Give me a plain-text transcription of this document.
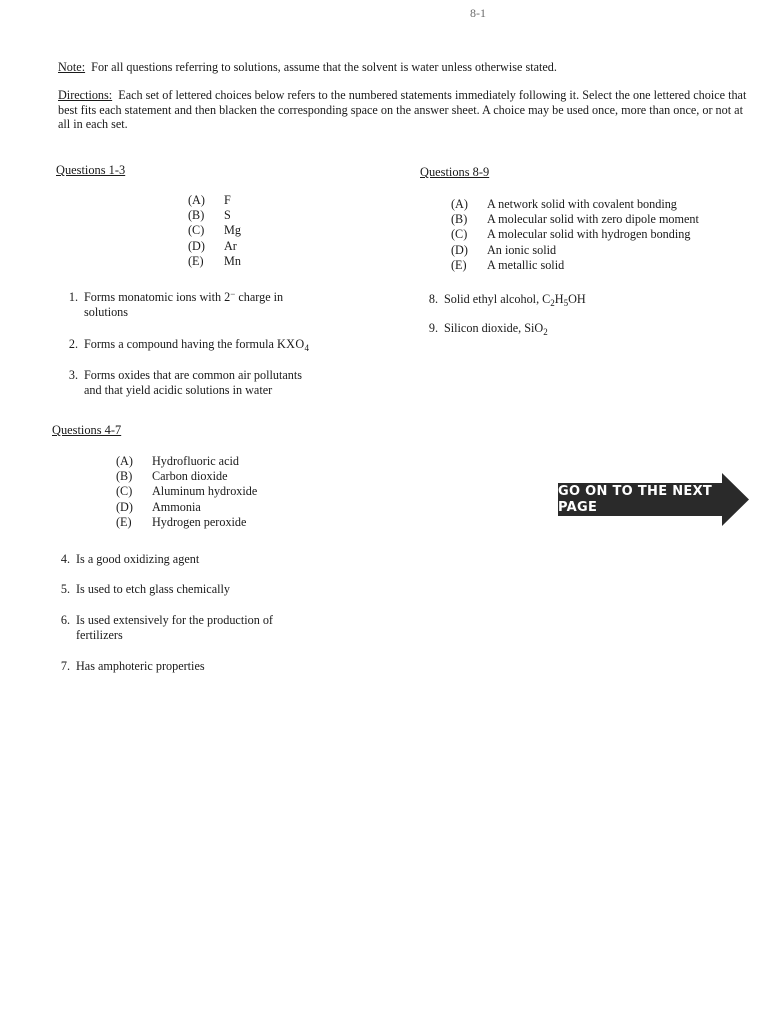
8-1
Note: For all questions referring to solutions, assume that the solvent is water unless otherwise stated.
Directions: Each set of lettered choices below refers to the numbered statements immediately following it. Select the one lettered choice that best fits each statement and then blacken the corresponding space on the answer sheet. A choice may be used once, more than once, or not at all in each set.
Questions 1-3
(A)	F
(B)	S
(C)	Mg
(D)	Ar
(E)	Mn
1. Forms monatomic ions with 2− charge in
solutions
2. Forms a compound having the formula $KXO_4$
3. Forms oxides that are common air pollutants
and that yield acidic solutions in water
Questions 4-7
(A)	Hydrofluoric acid
(B)	Carbon dioxide
(C)	Aluminum hydroxide
(D)	Ammonia
(E)	Hydrogen peroxide
4. Is a good oxidizing agent
5. Is used to etch glass chemically
6. Is used extensively for the production of
fertilizers
7. Has amphoteric properties
Questions 8-9
(A)	A network solid with covalent bonding
(B)	A molecular solid with zero dipole moment
(C)	A molecular solid with hydrogen bonding
(D)	An ionic solid
(E)	A metallic solid
8. Solid ethyl alcohol, $C_2H_5OH$
9. Silicon dioxide, SiO$_2$
GO ON TO THE NEXT PAGE
